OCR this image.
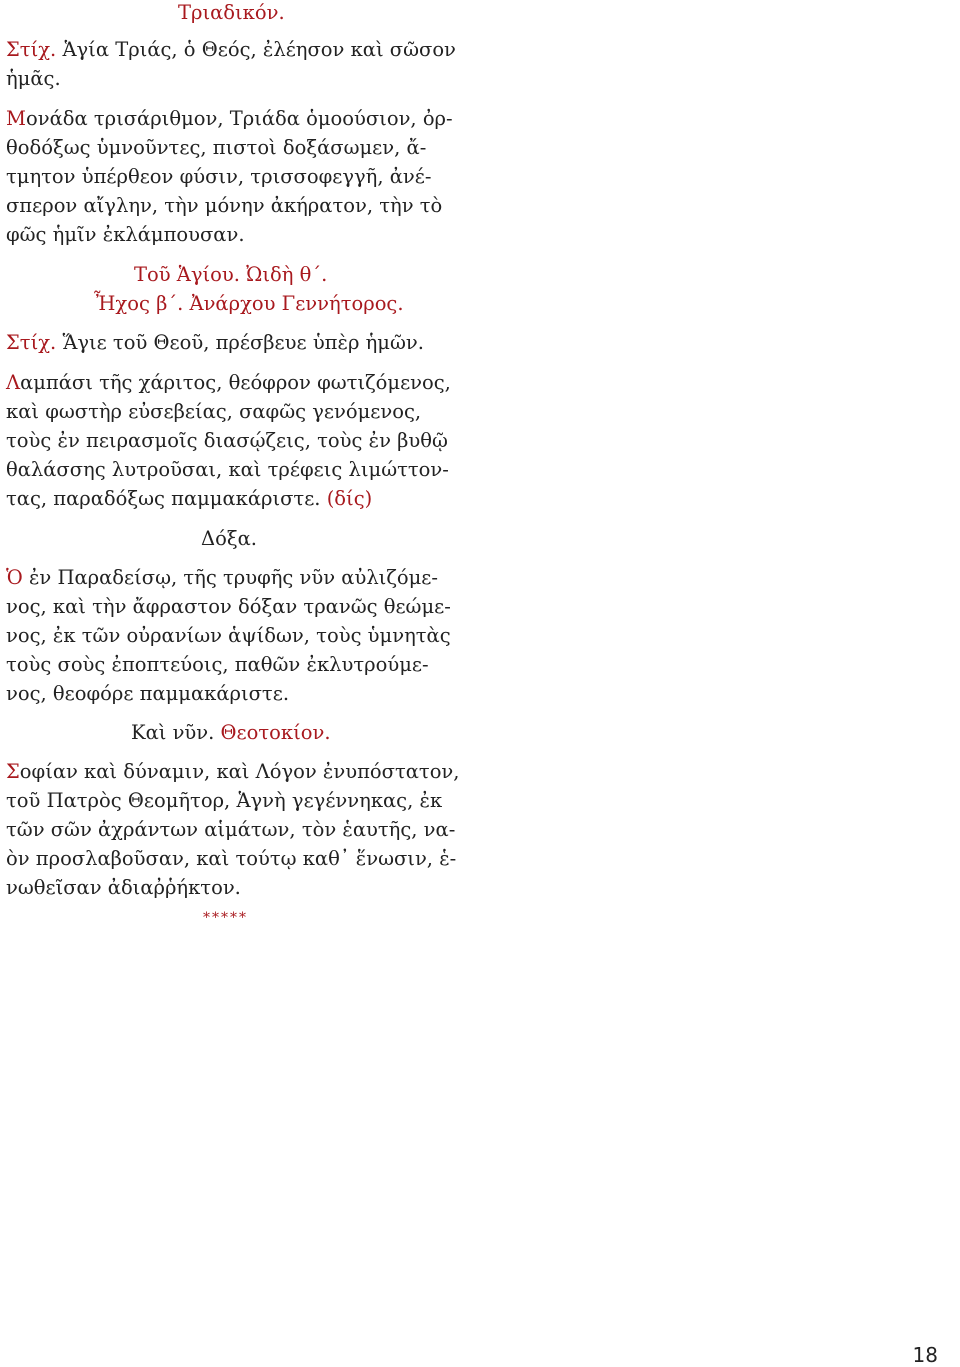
Τριαδικόν.
Στίχ. Ἁγία Τριάς, ὁ Θεός, ἐλέησον καὶ σῶσον
ἡμᾶς.
Μονάδα τρισάριθμον, Τριάδα ὁμοούσιον, ὀρ-
θοδόξως ὑμνοῦντες, πιστοὶ δοξάσωμεν, ἄ-
τμητον ὑπέρθεον φύσιν, τρισσοφεγγῆ, ἀνέ-
σπερον αἴγλην, τὴν μόνην ἀκήρατον, τὴν τὸ
φῶς ἡμῖν ἐκλάμπουσαν.
Τοῦ Ἁγίου. Ὠιδὴ θ΄.
Ἦχος β΄. Ἀνάρχου Γεννήτορος.
Στίχ. Ἅγιε τοῦ Θεοῦ, πρέσβευε ὑπὲρ ἡμῶν.
Λαμπάσι τῆς χάριτος, θεόφρον φωτιζόμενος,
καὶ φωστὴρ εὐσεβείας, σαφῶς γενόμενος,
τοὺς ἐν πειρασμοῖς διασῴζεις, τοὺς ἐν βυθῷ
θαλάσσης λυτροῦσαι, καὶ τρέφεις λιμώττον-
τας, παραδόξως παμμακάριστε. (δίς)
Δόξα.
Ὁ ἐν Παραδείσῳ, τῆς τρυφῆς νῦν αὐλιζόμε-
νος, καὶ τὴν ἄφραστον δόξαν τρανῶς θεώμε-
νος, ἐκ τῶν οὐρανίων ἁψίδων, τοὺς ὑμνητὰς
τοὺς σοὺς ἐποπτεύοις, παθῶν ἐκλυτρούμε-
νος, θεοφόρε παμμακάριστε.
Καὶ νῦν. Θεοτοκίον.
Σοφίαν καὶ δύναμιν, καὶ Λόγον ἐνυπόστατον,
τοῦ Πατρὸς Θεομῆτορ, Ἁγνὴ γεγέννηκας, ἐκ
τῶν σῶν ἀχράντων αἱμάτων, τὸν ἑαυτῆς, να-
ὸν προσλαβοῦσαν, καὶ τούτῳ καθ᾽ ἕνωσιν, ἑ-
νωθεῖσαν ἀδιαῤῥήκτον.
*****
18
